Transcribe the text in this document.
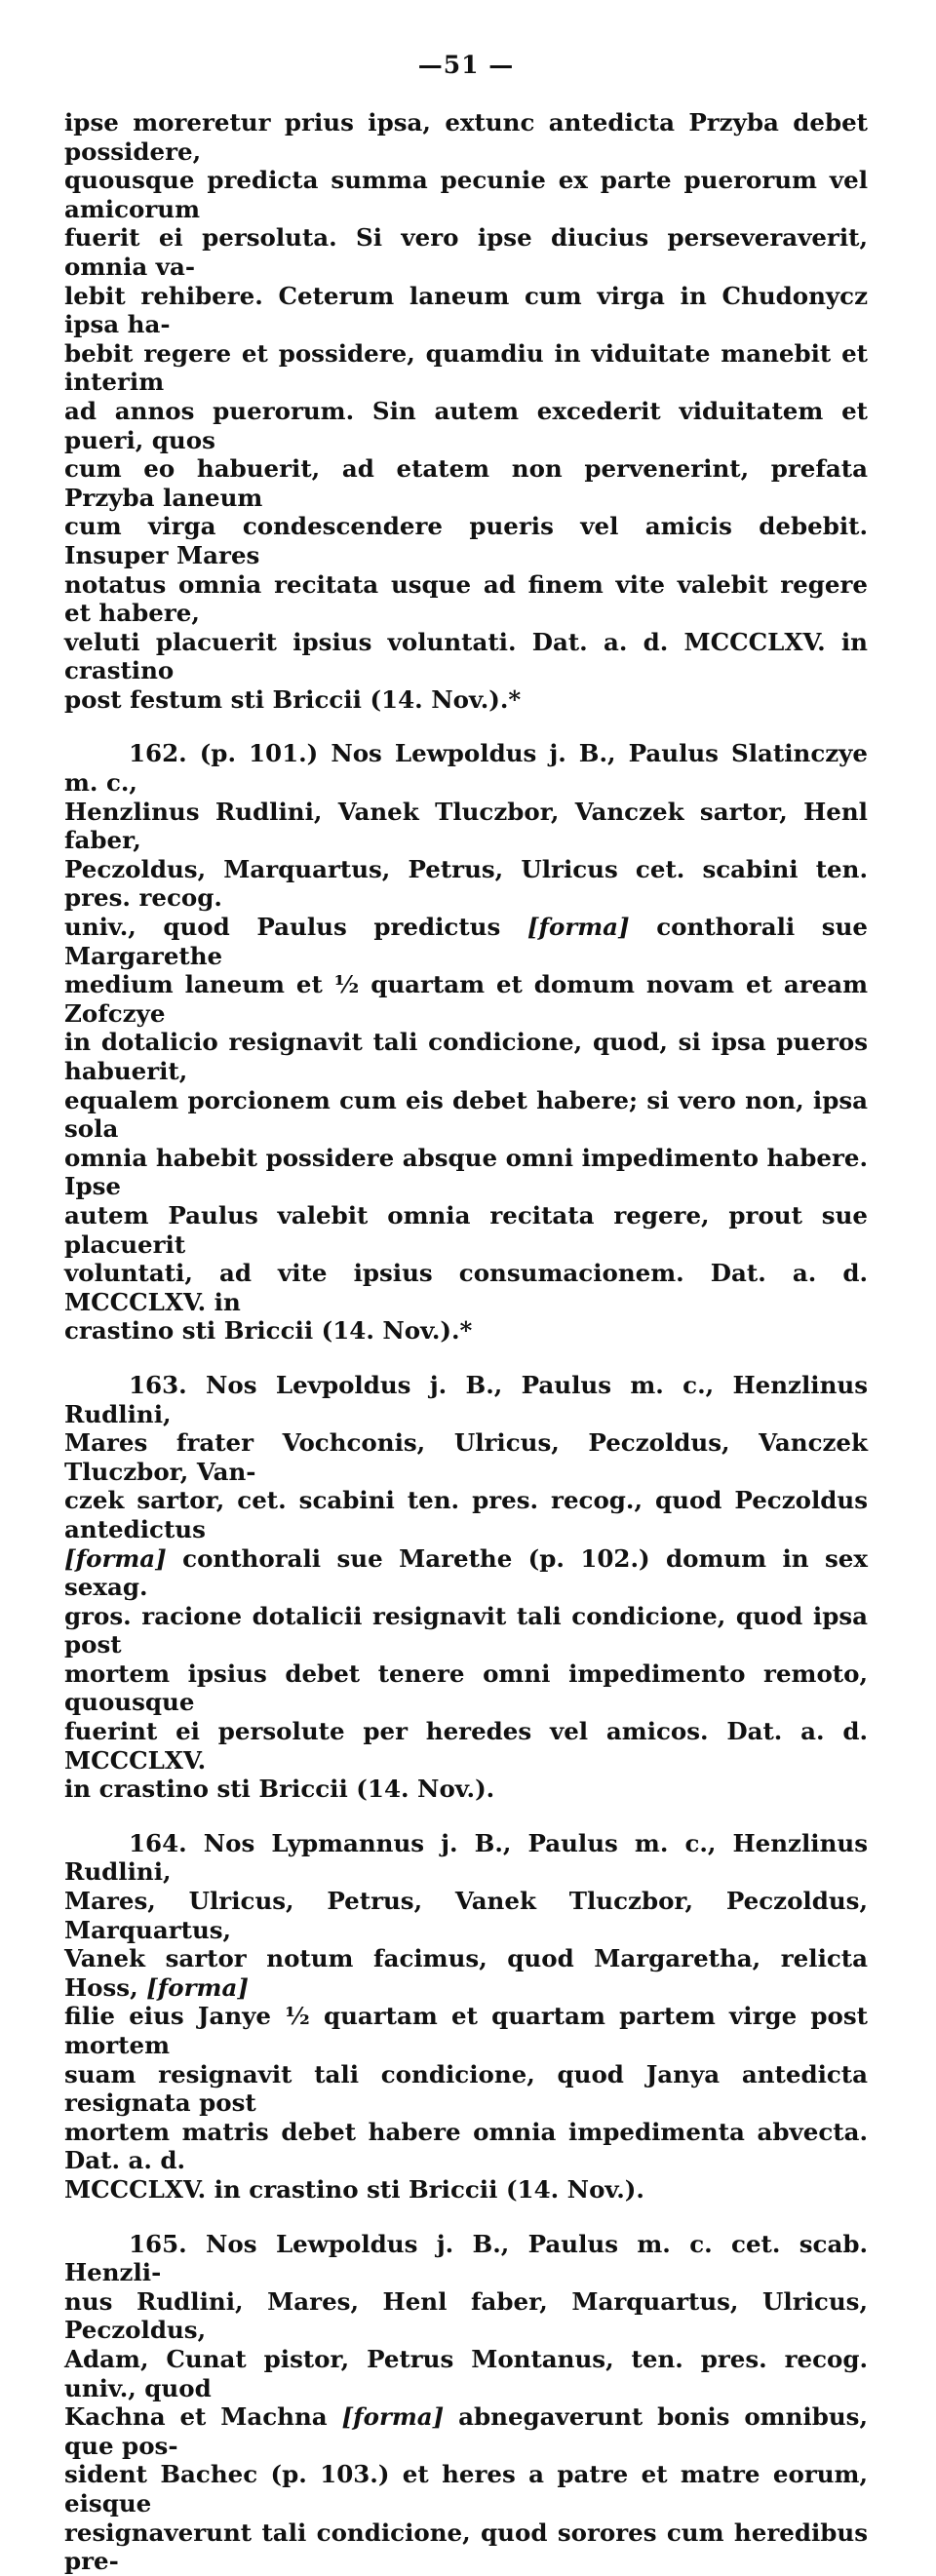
—51 —

ipse moreretur prius ipsa, extunc antedicta Przyba debet possidere,
quousque predicta summa pecunie ex parte puerorum vel amicorum
fuerit ei persoluta. Si vero ipse diucius perseveraverit, omnia va-
lebit rehibere. Ceterum laneum cum virga in Chudonycz ipsa ha-
bebit regere et possidere, quamdiu in viduitate manebit et interim
ad annos puerorum. Sin autem excederit viduitatem et pueri, quos
cum eo habuerit, ad etatem non pervenerint, prefata Przyba laneum
cum virga condescendere pueris vel amicis debebit. Insuper Mares
notatus omnia recitata usque ad finem vite valebit regere et habere,
veluti placuerit ipsius voluntati. Dat. a. d. MCCCLXV. in crastino
post festum sti Briccii (14. Nov.).*

162. (p. 101.) Nos Lewpoldus j. B., Paulus Slatinczye m. c.,
Henzlinus Rudlini, Vanek Tluczbor, Vanczek sartor, Henl faber,
Peczoldus, Marquartus, Petrus, Ulricus cet. scabini ten. pres. recog.
univ., quod Paulus predictus [forma] conthorali sue Margarethe
medium laneum et ½ quartam et domum novam et aream Zofczye
in dotalicio resignavit tali condicione, quod, si ipsa pueros habuerit,
equalem porcionem cum eis debet habere; si vero non, ipsa sola
omnia habebit possidere absque omni impedimento habere. Ipse
autem Paulus valebit omnia recitata regere, prout sue placuerit
voluntati, ad vite ipsius consumacionem. Dat. a. d. MCCCLXV. in
crastino sti Briccii (14. Nov.).*

163. Nos Levpoldus j. B., Paulus m. c., Henzlinus Rudlini,
Mares frater Vochconis, Ulricus, Peczoldus, Vanczek Tluczbor, Van-
czek sartor, cet. scabini ten. pres. recog., quod Peczoldus antedictus
[forma] conthorali sue Marethe (p. 102.) domum in sex sexag.
gros. racione dotalicii resignavit tali condicione, quod ipsa post
mortem ipsius debet tenere omni impedimento remoto, quousque
fuerint ei persolute per heredes vel amicos. Dat. a. d. MCCCLXV.
in crastino sti Briccii (14. Nov.).

164. Nos Lypmannus j. B., Paulus m. c., Henzlinus Rudlini,
Mares, Ulricus, Petrus, Vanek Tluczbor, Peczoldus, Marquartus,
Vanek sartor notum facimus, quod Margaretha, relicta Hoss, [forma]
filie eius Janye ½ quartam et quartam partem virge post mortem
suam resignavit tali condicione, quod Janya antedicta resignata post
mortem matris debet habere omnia impedimenta abvecta. Dat. a. d.
MCCCLXV. in crastino sti Briccii (14. Nov.).

165. Nos Lewpoldus j. B., Paulus m. c. cet. scab. Henzli-
nus Rudlini, Mares, Henl faber, Marquartus, Ulricus, Peczoldus,
Adam, Cunat pistor, Petrus Montanus, ten. pres. recog. univ., quod
Kachna et Machna [forma] abnegaverunt bonis omnibus, que pos-
sident Bachec (p. 103.) et heres a patre et matre eorum, eisque
resignaverunt tali condicione, quod sorores cum heredibus pre-
